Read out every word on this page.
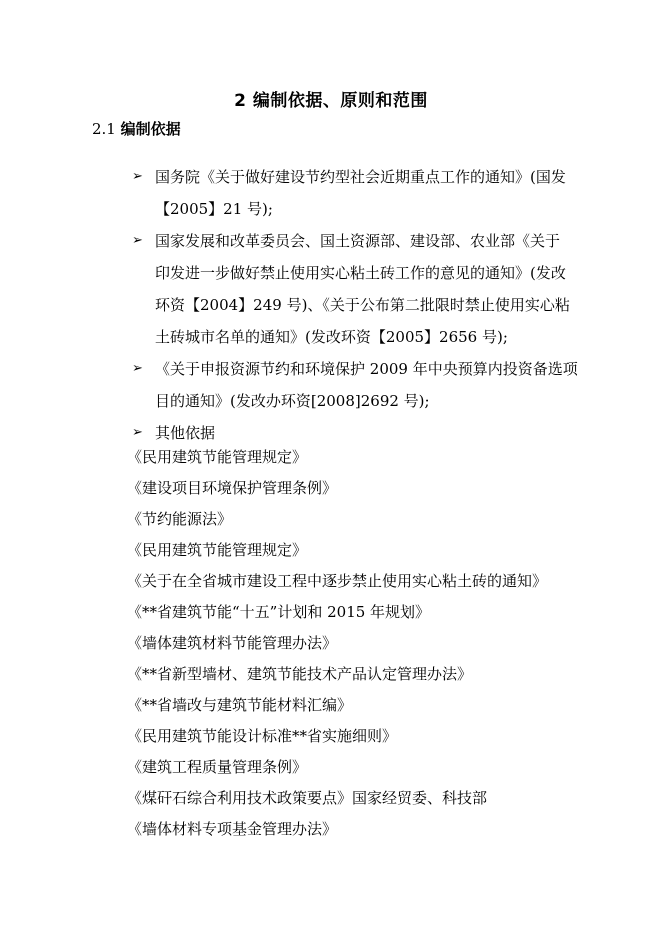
2 编制依据、原则和范围
2.1 编制依据
➢ 国务院《关于做好建设节约型社会近期重点工作的通知》(国发
【2005】21 号);
➢ 国家发展和改革委员会、国土资源部、建设部、农业部《关于
印发进一步做好禁止使用实心粘土砖工作的意见的通知》(发改
环资【2004】249 号)、《关于公布第二批限时禁止使用实心粘
土砖城市名单的通知》(发改环资【2005】2656 号);
➢ 《关于申报资源节约和环境保护 2009 年中央预算内投资备选项
目的通知》(发改办环资[2008]2692 号);
➢ 其他依据
《民用建筑节能管理规定》
《建设项目环境保护管理条例》
《节约能源法》
《民用建筑节能管理规定》
《关于在全省城市建设工程中逐步禁止使用实心粘土砖的通知》
《**省建筑节能“十五”计划和 2015 年规划》
《墙体建筑材料节能管理办法》
《**省新型墙材、建筑节能技术产品认定管理办法》
《**省墙改与建筑节能材料汇编》
《民用建筑节能设计标准**省实施细则》
《建筑工程质量管理条例》
《煤矸石综合利用技术政策要点》国家经贸委、科技部
《墙体材料专项基金管理办法》
